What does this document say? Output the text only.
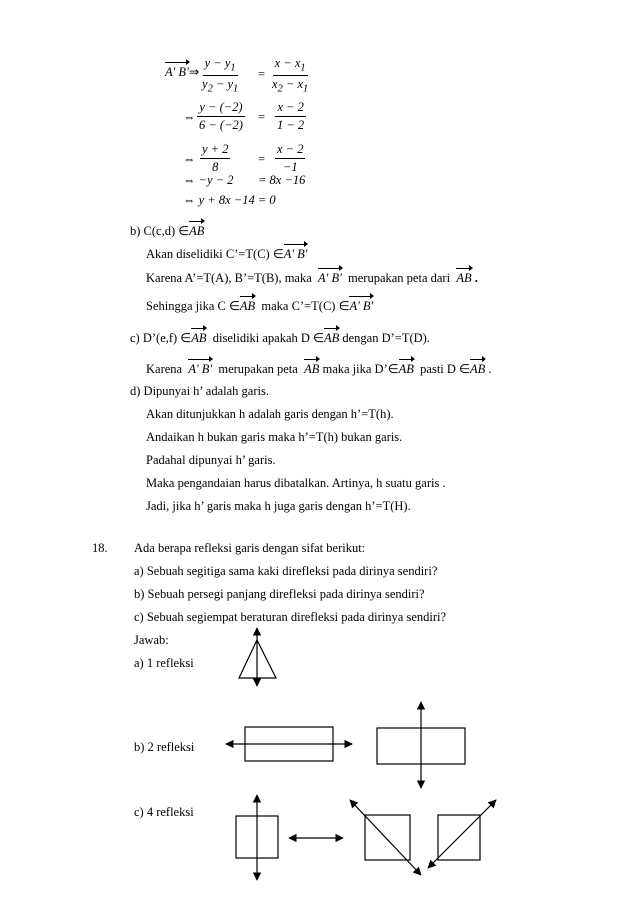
A' B'⇒ $\frac{y - y_1}{y_2 - y_1} = \frac{x - x_1}{x_2 - x_1}$
⇔ $\frac{y - (-2)}{6 - (-2)} = \frac{x - 2}{1 - 2}$
⇔ $\frac{y + 2}{8} = \frac{x - 2}{-1}$
⇔ −y − 2 = 8x −16
⇔ y + 8x −14 = 0
b) C(c,d) ∈AB
Akan diselidiki C’=T(C) ∈A' B'
Karena A’=T(A), B’=T(B), maka A' B' merupakan peta dari AB .
Sehingga jika C ∈AB maka C’=T(C) ∈A' B'
c) D’(e,f) ∈AB diselidiki apakah D ∈AB dengan D’=T(D).
Karena A' B' merupakan peta AB maka jika D’∈AB pasti D ∈AB .
d) Dipunyai h’ adalah garis.
Akan ditunjukkan h adalah garis dengan h’=T(h).
Andaikan h bukan garis maka h’=T(h) bukan garis.
Padahal dipunyai h’ garis.
Maka pengandaian harus dibatalkan. Artinya, h suatu garis .
Jadi, jika h’ garis maka h juga garis dengan h’=T(H).
18. Ada berapa refleksi garis dengan sifat berikut:
a) Sebuah segitiga sama kaki direfleksi pada dirinya sendiri?
b) Sebuah persegi panjang direfleksi pada dirinya sendiri?
c) Sebuah segiempat beraturan direfleksi pada dirinya sendiri?
Jawab:
a) 1 refleksi
b) 2 refleksi
c) 4 refleksi
